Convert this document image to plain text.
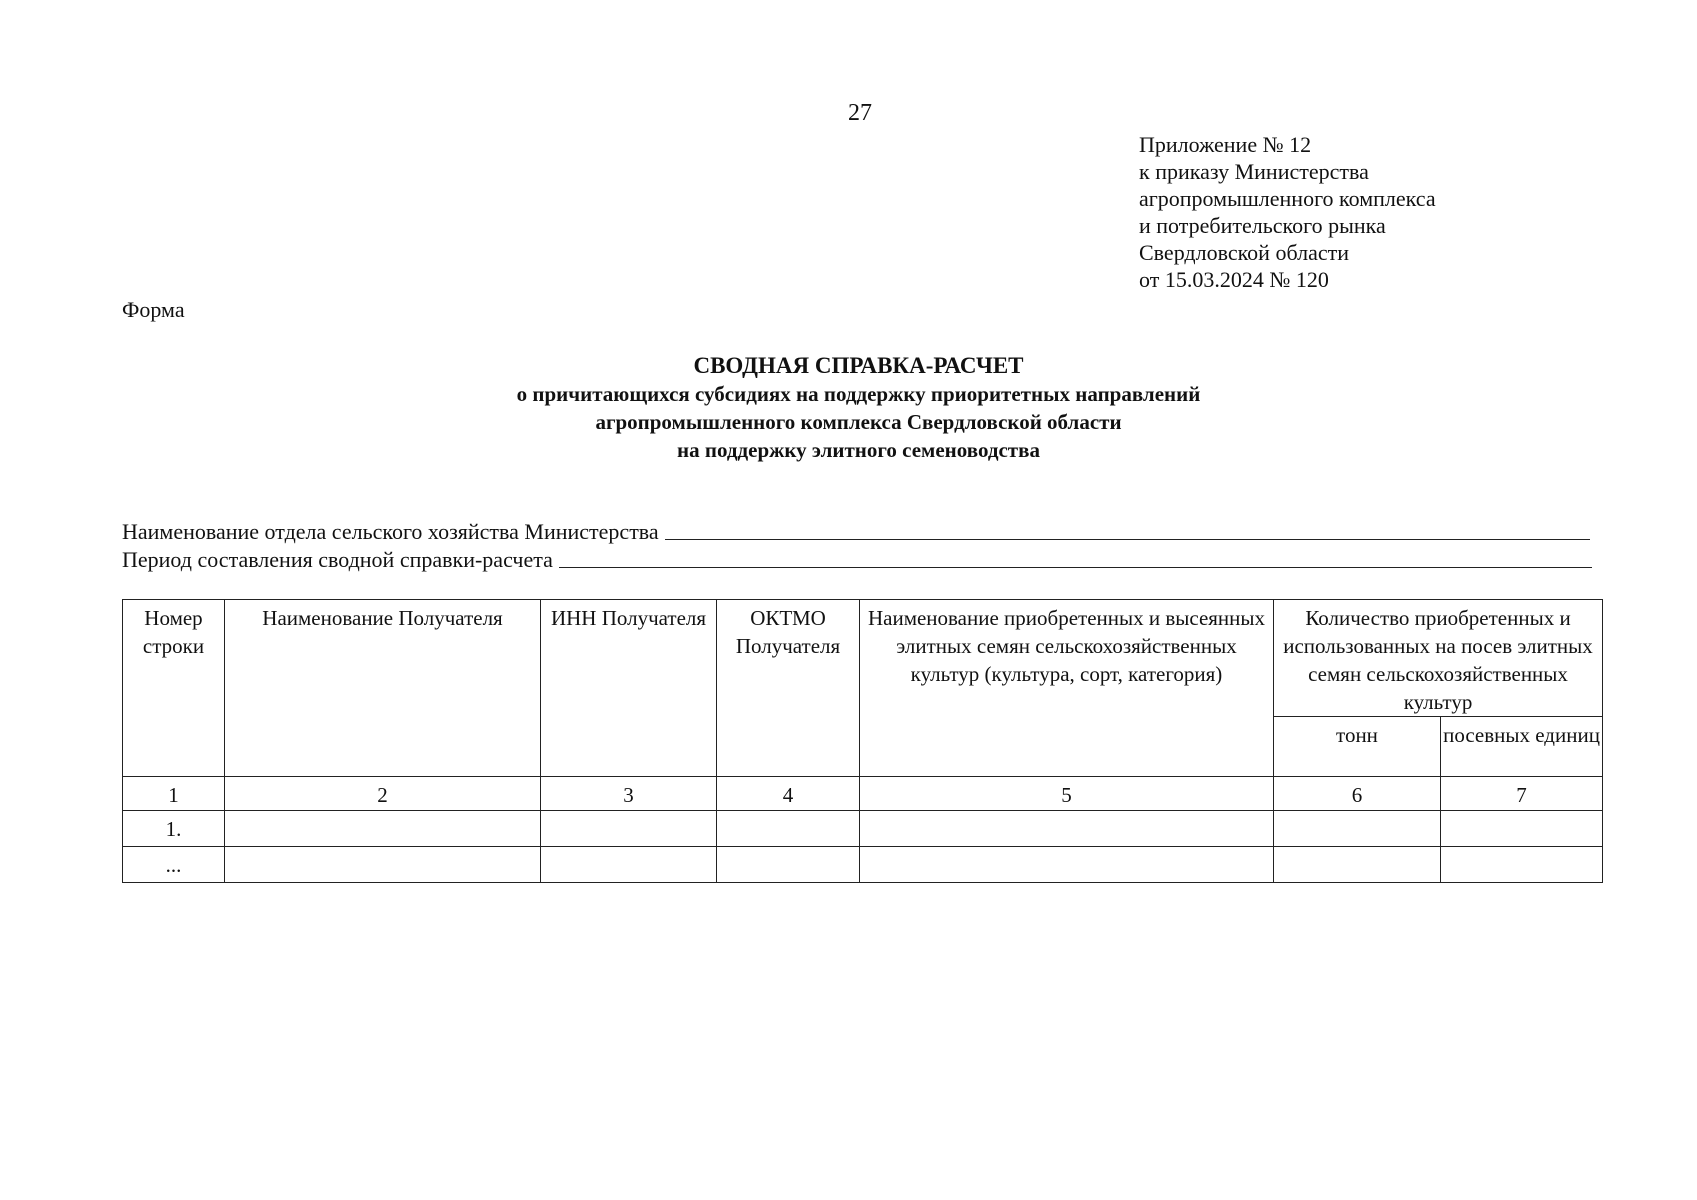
27
Приложение № 12
к приказу Министерства
агропромышленного комплекса
и потребительского рынка
Свердловской области
от 15.03.2024 № 120
Форма
СВОДНАЯ СПРАВКА-РАСЧЕТ
о причитающихся субсидиях на поддержку приоритетных направлений
агропромышленного комплекса Свердловской области
на поддержку элитного семеноводства
Наименование отдела сельского хозяйства Министерства
Период составления сводной справки-расчета
Номер строки	Наименование Получателя	ИНН Получателя	ОКТМО Получателя	Наименование приобретенных и высеянных элитных семян сельскохозяйственных культур (культура, сорт, категория)	Количество приобретенных и использованных на посев элитных семян сельскохозяйственных культур	
					тонн	посевных единиц
1	2	3	4	5	6	7
1.						
...						
